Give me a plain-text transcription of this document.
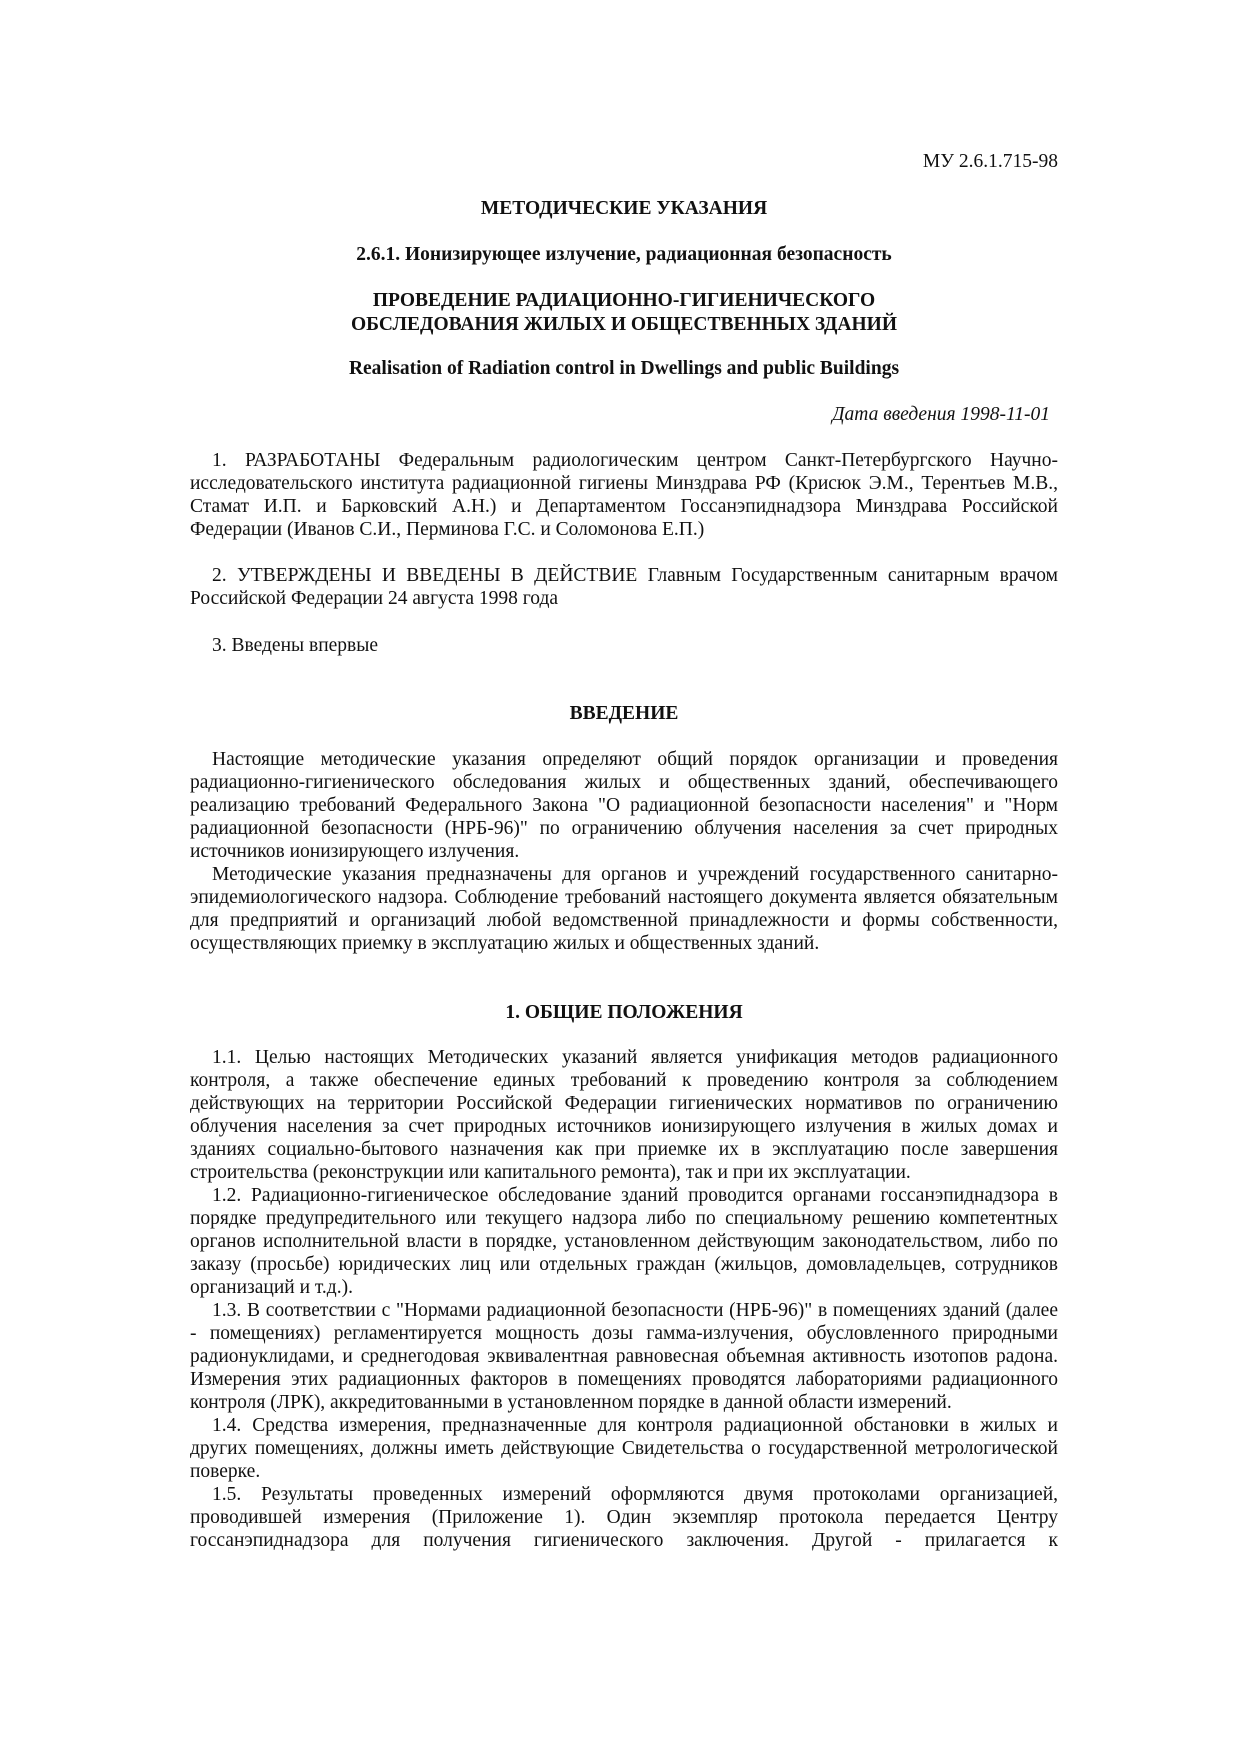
МУ 2.6.1.715-98
МЕТОДИЧЕСКИЕ УКАЗАНИЯ
2.6.1. Ионизирующее излучение, радиационная безопасность
ПРОВЕДЕНИЕ РАДИАЦИОННО-ГИГИЕНИЧЕСКОГО
ОБСЛЕДОВАНИЯ ЖИЛЫХ И ОБЩЕСТВЕННЫХ ЗДАНИЙ
Realisation of Radiation control in Dwellings and public Buildings
Дата введения 1998-11-01

1. РАЗРАБОТАНЫ Федеральным радиологическим центром Санкт-Петербургского Научно-исследовательского института радиационной гигиены Минздрава РФ (Крисюк Э.М., Терентьев М.В., Стамат И.П. и Барковский А.Н.) и Департаментом Госсанэпиднадзора Минздрава Российской Федерации (Иванов С.И., Перминова Г.С. и Соломонова Е.П.)

2. УТВЕРЖДЕНЫ И ВВЕДЕНЫ В ДЕЙСТВИЕ Главным Государственным санитарным врачом Российской Федерации 24 августа 1998 года

3. Введены впервые

ВВЕДЕНИЕ

Настоящие методические указания определяют общий порядок организации и проведения радиационно-гигиенического обследования жилых и общественных зданий, обеспечивающего реализацию требований Федерального Закона "О радиационной безопасности населения" и "Норм радиационной безопасности (НРБ-96)" по ограничению облучения населения за счет природных источников ионизирующего излучения.

Методические указания предназначены для органов и учреждений государственного санитарно-эпидемиологического надзора. Соблюдение требований настоящего документа является обязательным для предприятий и организаций любой ведомственной принадлежности и формы собственности, осуществляющих приемку в эксплуатацию жилых и общественных зданий.

1. ОБЩИЕ ПОЛОЖЕНИЯ

1.1. Целью настоящих Методических указаний является унификация методов радиационного контроля, а также обеспечение единых требований к проведению контроля за соблюдением действующих на территории Российской Федерации гигиенических нормативов по ограничению облучения населения за счет природных источников ионизирующего излучения в жилых домах и зданиях социально-бытового назначения как при приемке их в эксплуатацию после завершения строительства (реконструкции или капитального ремонта), так и при их эксплуатации.

1.2. Радиационно-гигиеническое обследование зданий проводится органами госсанэпиднадзора в порядке предупредительного или текущего надзора либо по специальному решению компетентных органов исполнительной власти в порядке, установленном действующим законодательством, либо по заказу (просьбе) юридических лиц или отдельных граждан (жильцов, домовладельцев, сотрудников организаций и т.д.).

1.3. В соответствии с "Нормами радиационной безопасности (НРБ-96)" в помещениях зданий (далее - помещениях) регламентируется мощность дозы гамма-излучения, обусловленного природными радионуклидами, и среднегодовая эквивалентная равновесная объемная активность изотопов радона. Измерения этих радиационных факторов в помещениях проводятся лабораториями радиационного контроля (ЛРК), аккредитованными в установленном порядке в данной области измерений.

1.4. Средства измерения, предназначенные для контроля радиационной обстановки в жилых и других помещениях, должны иметь действующие Свидетельства о государственной метрологической поверке.

1.5. Результаты проведенных измерений оформляются двумя протоколами организацией, проводившей измерения (Приложение 1). Один экземпляр протокола передается Центру госсанэпиднадзора для получения гигиенического заключения. Другой - прилагается к
